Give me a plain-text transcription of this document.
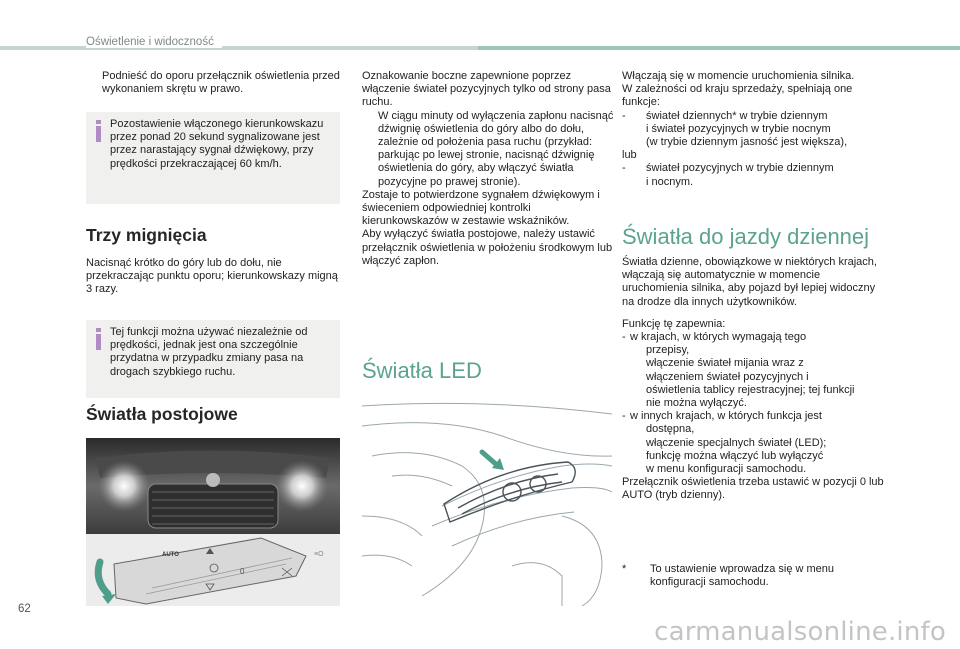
Oświetlenie i widoczność
Podnieść do oporu przełącznik oświetlenia przed wykonaniem skrętu w prawo.
Pozostawienie włączonego kierunkowskazu przez ponad 20 sekund sygnalizowane jest przez narastający sygnał dźwiękowy, przy prędkości przekraczającej 60 km/h.
Trzy mignięcia
Nacisnąć krótko do góry lub do dołu, nie przekraczając punktu oporu; kierunkowskazy migną 3 razy.
Tej funkcji można używać niezależnie od prędkości, jednak jest ona szczególnie przydatna w przypadku zmiany pasa na drogach szybkiego ruchu.
Światła postojowe
0
≡O
AUTO
Oznakowanie boczne zapewnione poprzez włączenie świateł pozycyjnych tylko od strony pasa ruchu.
W ciągu minuty od wyłączenia zapłonu nacisnąć dźwignię oświetlenia do góry albo do dołu, zależnie od położenia pasa ruchu (przykład: parkując po lewej stronie, nacisnąć dźwignię oświetlenia do góry, aby włączyć światła pozycyjne po prawej stronie).
Zostaje to potwierdzone sygnałem dźwiękowym i świeceniem odpowiedniej kontrolki kierunkowskazów w zestawie wskaźników.
Aby wyłączyć światła postojowe, należy ustawić przełącznik oświetlenia w położeniu środkowym lub włączyć zapłon.
Światła LED
Włączają się w momencie uruchomienia silnika.
W zależności od kraju sprzedaży, spełniają one funkcje:
- świateł dziennych* w trybie dziennym
i świateł pozycyjnych w trybie nocnym
(w trybie dziennym jasność jest większa),
lub
- świateł pozycyjnych w trybie dziennym
i nocnym.
Światła do jazdy dziennej
Światła dzienne, obowiązkowe w niektórych krajach, włączają się automatycznie w momencie uruchomienia silnika, aby pojazd był lepiej widoczny na drodze dla innych użytkowników.
Funkcję tę zapewnia:
- w krajach, w których wymagają tego
przepisy,
włączenie świateł mijania wraz z
włączeniem świateł pozycyjnych i
oświetlenia tablicy rejestracyjnej; tej funkcji
nie można wyłączyć.
- w innych krajach, w których funkcja jest
dostępna,
włączenie specjalnych świateł (LED);
funkcję można włączyć lub wyłączyć
w menu konfiguracji samochodu.
Przełącznik oświetlenia trzeba ustawić w pozycji 0 lub AUTO (tryb dzienny).
*	To ustawienie wprowadza się w menu konfiguracji samochodu.
62
carmanualsonline.info
